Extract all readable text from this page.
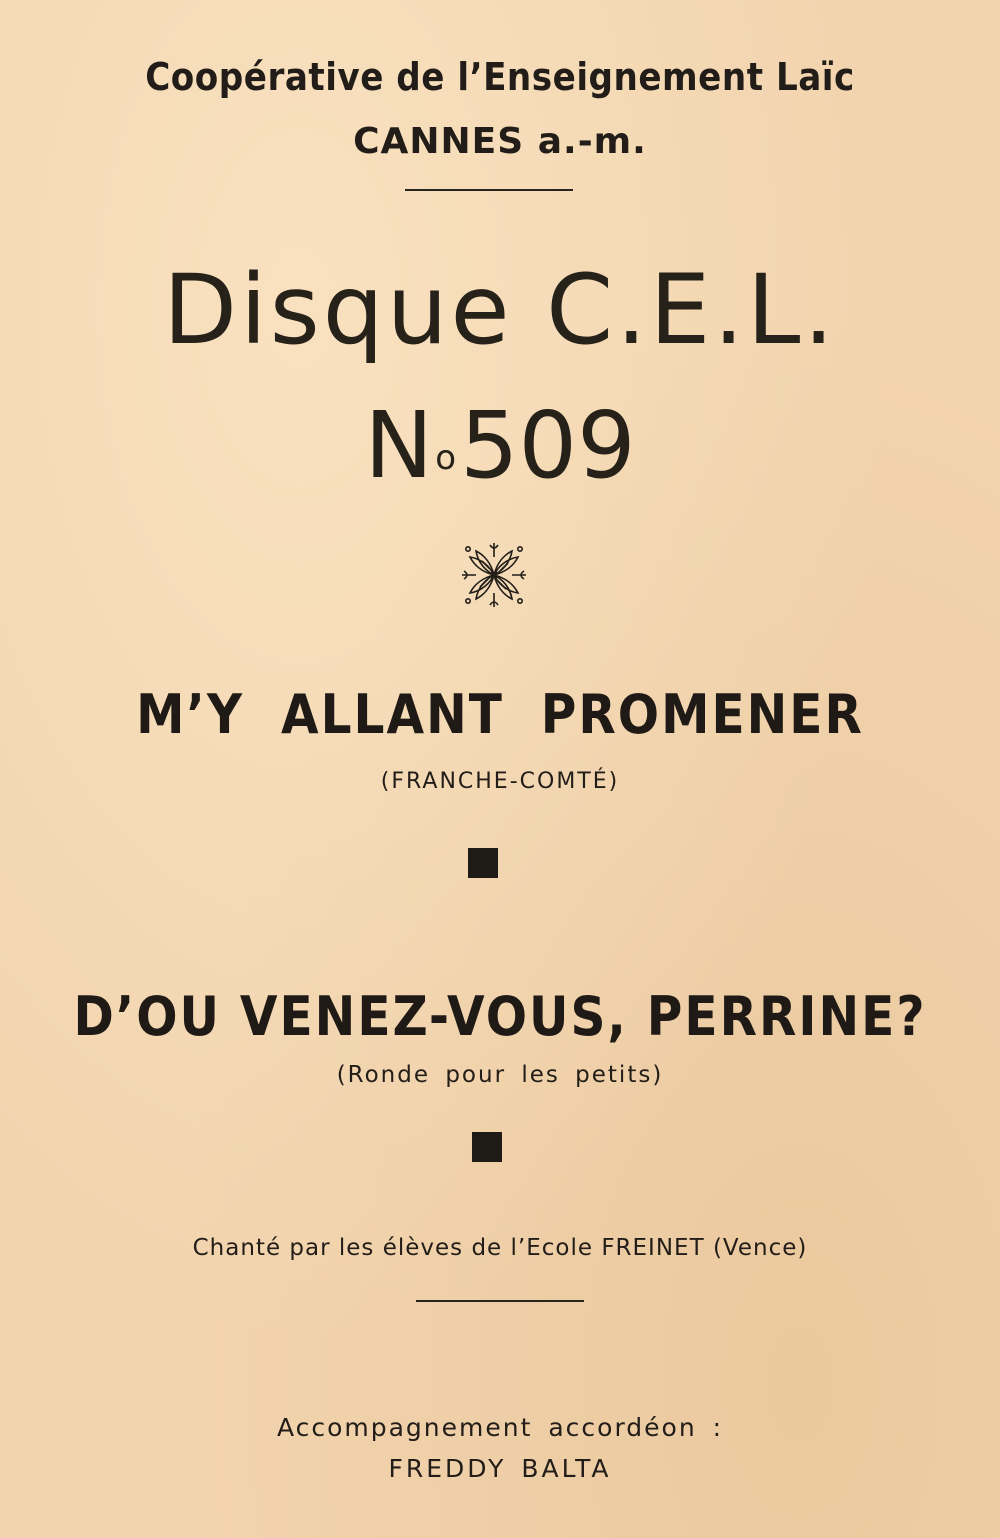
Coopérative de l’Enseignement Laïc
CANNES a.-m.
Disque C.E.L.
No509
M’Y ALLANT PROMENER
(FRANCHE-COMTÉ)
D’OU VENEZ-VOUS, PERRINE?
(Ronde pour les petits)
Chanté par les élèves de l’Ecole FREINET (Vence)
Accompagnement accordéon :
FREDDY BALTA
